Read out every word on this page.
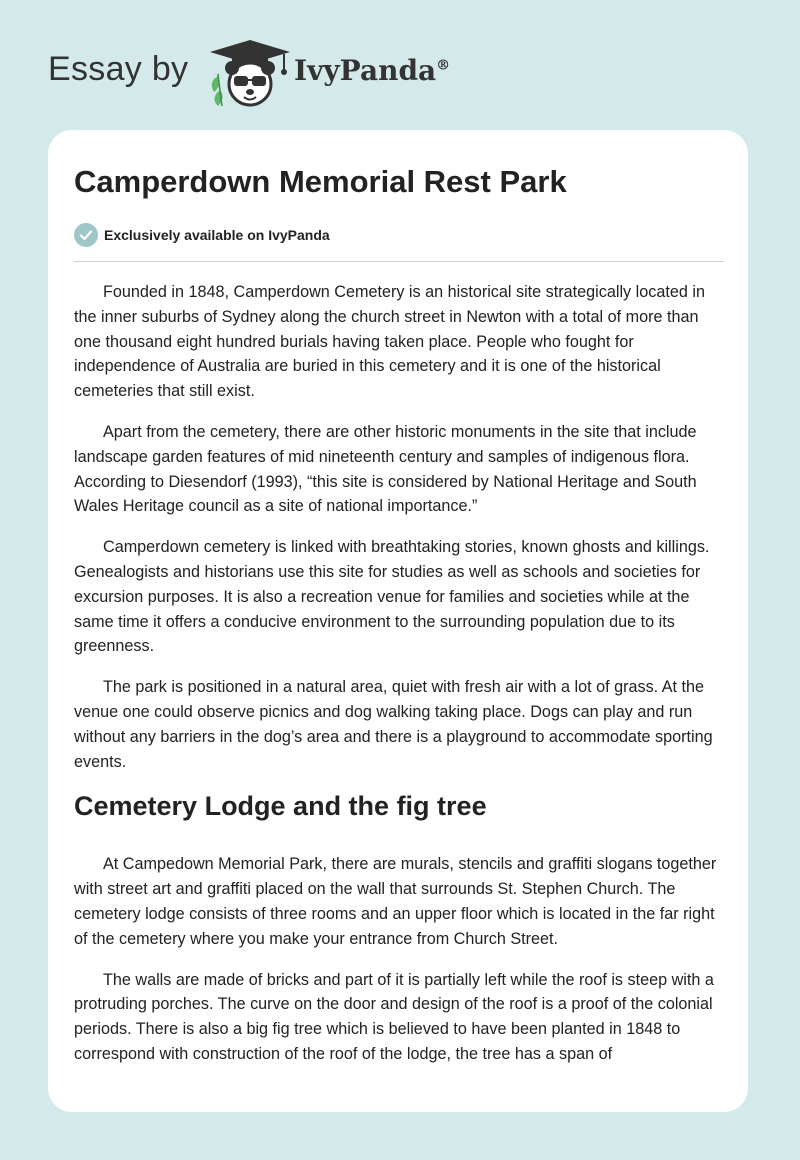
Essay by	IvyPanda®
Camperdown Memorial Rest Park
Exclusively available on IvyPanda

Founded in 1848, Camperdown Cemetery is an historical site strategically located in the inner suburbs of Sydney along the church street in Newton with a total of more than one thousand eight hundred burials having taken place. People who fought for independence of Australia are buried in this cemetery and it is one of the historical cemeteries that still exist.

Apart from the cemetery, there are other historic monuments in the site that include landscape garden features of mid nineteenth century and samples of indigenous flora. According to Diesendorf (1993), “this site is considered by National Heritage and South Wales Heritage council as a site of national importance.”

Camperdown cemetery is linked with breathtaking stories, known ghosts and killings. Genealogists and historians use this site for studies as well as schools and societies for excursion purposes. It is also a recreation venue for families and societies while at the same time it offers a conducive environment to the surrounding population due to its greenness.

The park is positioned in a natural area, quiet with fresh air with a lot of grass. At the venue one could observe picnics and dog walking taking place. Dogs can play and run without any barriers in the dog’s area and there is a playground to accommodate sporting events.

Cemetery Lodge and the fig tree

At Campedown Memorial Park, there are murals, stencils and graffiti slogans together with street art and graffiti placed on the wall that surrounds St. Stephen Church. The cemetery lodge consists of three rooms and an upper floor which is located in the far right of the cemetery where you make your entrance from Church Street.

The walls are made of bricks and part of it is partially left while the roof is steep with a protruding porches. The curve on the door and design of the roof is a proof of the colonial periods. There is also a big fig tree which is believed to have been planted in 1848 to correspond with construction of the roof of the lodge, the tree has a span of
